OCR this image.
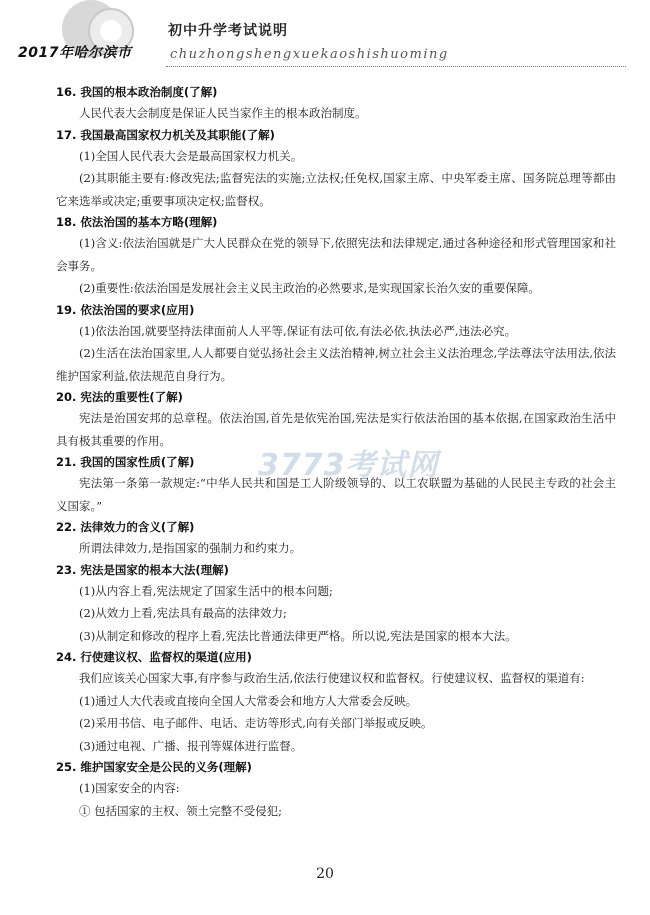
2017年哈尔滨市
初中升学考试说明
chuzhongshengxuekaoshishuoming

16. 我国的根本政治制度(了解)

人民代表大会制度是保证人民当家作主的根本政治制度。

17. 我国最高国家权力机关及其职能(了解)

(1)全国人民代表大会是最高国家权力机关。

(2)其职能主要有:修改宪法;监督宪法的实施;立法权;任免权,国家主席、中央军委主席、国务院总理等都由它来选举或决定;重要事项决定权;监督权。

18. 依法治国的基本方略(理解)

(1)含义:依法治国就是广大人民群众在党的领导下,依照宪法和法律规定,通过各种途径和形式管理国家和社会事务。

(2)重要性:依法治国是发展社会主义民主政治的必然要求,是实现国家长治久安的重要保障。

19. 依法治国的要求(应用)

(1)依法治国,就要坚持法律面前人人平等,保证有法可依,有法必依,执法必严,违法必究。

(2)生活在法治国家里,人人都要自觉弘扬社会主义法治精神,树立社会主义法治理念,学法尊法守法用法,依法维护国家利益,依法规范自身行为。

20. 宪法的重要性(了解)

宪法是治国安邦的总章程。依法治国,首先是依宪治国,宪法是实行依法治国的基本依据,在国家政治生活中具有极其重要的作用。

21. 我国的国家性质(了解)

宪法第一条第一款规定:“中华人民共和国是工人阶级领导的、以工农联盟为基础的人民民主专政的社会主义国家。”

22. 法律效力的含义(了解)

所谓法律效力,是指国家的强制力和约束力。

23. 宪法是国家的根本大法(理解)

(1)从内容上看,宪法规定了国家生活中的根本问题;

(2)从效力上看,宪法具有最高的法律效力;

(3)从制定和修改的程序上看,宪法比普通法律更严格。所以说,宪法是国家的根本大法。

24. 行使建议权、监督权的渠道(应用)

我们应该关心国家大事,有序参与政治生活,依法行使建议权和监督权。行使建议权、监督权的渠道有:

(1)通过人大代表或直接向全国人大常委会和地方人大常委会反映。

(2)采用书信、电子邮件、电话、走访等形式,向有关部门举报或反映。

(3)通过电视、广播、报刊等媒体进行监督。

25. 维护国家安全是公民的义务(理解)

(1)国家安全的内容:

① 包括国家的主权、领土完整不受侵犯;

3773考试网
20
